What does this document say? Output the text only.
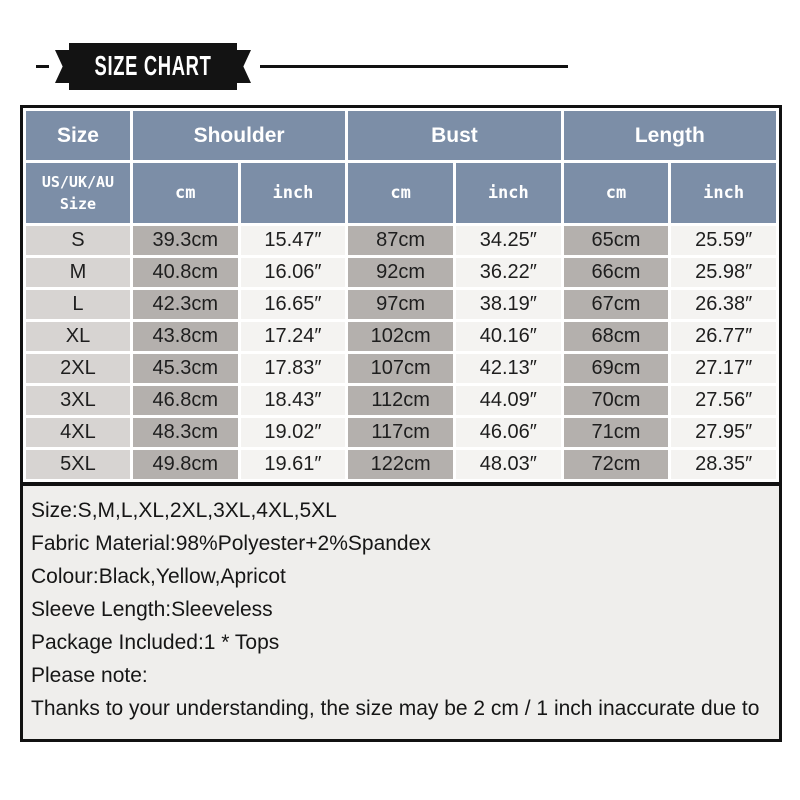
SIZE CHART
Size	Shoulder		Bust		Length	

US/UK/AU
Size	cm	inch	cm	inch	cm	inch
S	39.3cm	15.47″	87cm	34.25″	65cm	25.59″
M	40.8cm	16.06″	92cm	36.22″	66cm	25.98″
L	42.3cm	16.65″	97cm	38.19″	67cm	26.38″
XL	43.8cm	17.24″	102cm	40.16″	68cm	26.77″
2XL	45.3cm	17.83″	107cm	42.13″	69cm	27.17″
3XL	46.8cm	18.43″	112cm	44.09″	70cm	27.56″
4XL	48.3cm	19.02″	117cm	46.06″	71cm	27.95″
5XL	49.8cm	19.61″	122cm	48.03″	72cm	28.35″

Size:S,M,L,XL,2XL,3XL,4XL,5XL

Fabric Material:98%Polyester+2%Spandex

Colour:Black,Yellow,Apricot

Sleeve Length:Sleeveless

Package Included:1 * Tops

Please note:

Thanks to your understanding, the size may be 2 cm / 1 inch inaccurate due to
